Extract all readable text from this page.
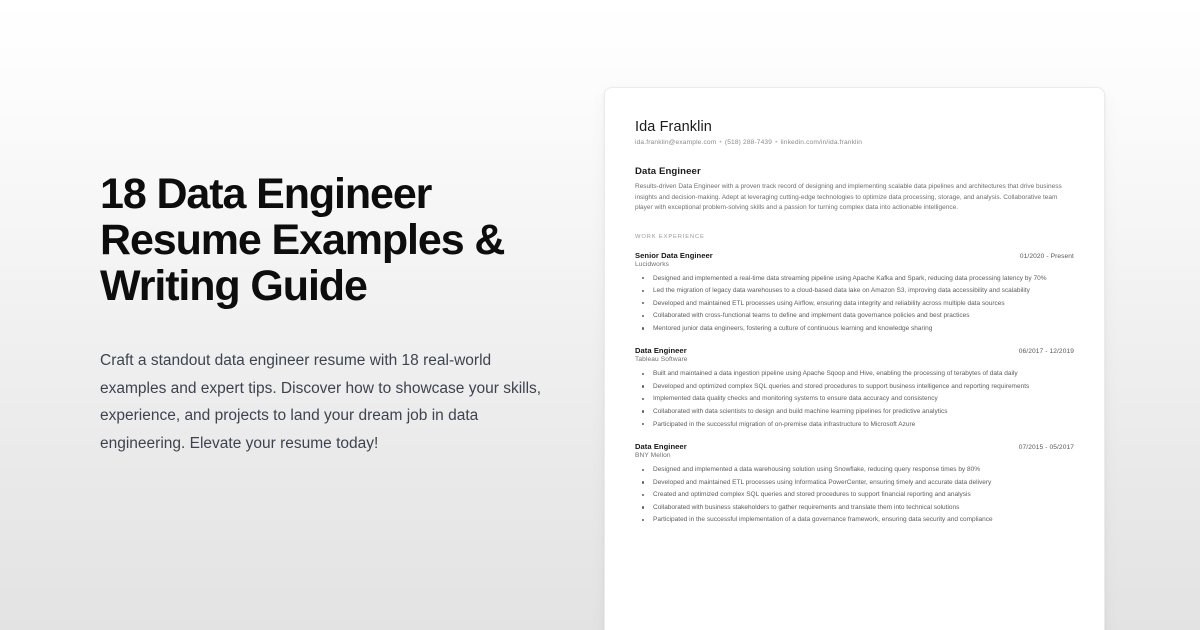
18 Data Engineer Resume Examples & Writing Guide

Craft a standout data engineer resume with 18 real-world examples and expert tips. Discover how to showcase your skills, experience, and projects to land your dream job in data engineering. Elevate your resume today!

Ida Franklin
ida.franklin@example.com • (518) 288-7439 • linkedin.com/in/ida.franklin
Data Engineer
Results-driven Data Engineer with a proven track record of designing and implementing scalable data pipelines and architectures that drive business insights and decision-making. Adept at leveraging cutting-edge technologies to optimize data processing, storage, and analysis. Collaborative team player with exceptional problem-solving skills and a passion for turning complex data into actionable intelligence.
WORK EXPERIENCE
Senior Data Engineer	01/2020 - Present
Lucidworks
Designed and implemented a real-time data streaming pipeline using Apache Kafka and Spark, reducing data processing latency by 70%
Led the migration of legacy data warehouses to a cloud-based data lake on Amazon S3, improving data accessibility and scalability
Developed and maintained ETL processes using Airflow, ensuring data integrity and reliability across multiple data sources
Collaborated with cross-functional teams to define and implement data governance policies and best practices
Mentored junior data engineers, fostering a culture of continuous learning and knowledge sharing
Data Engineer	06/2017 - 12/2019
Tableau Software
Built and maintained a data ingestion pipeline using Apache Sqoop and Hive, enabling the processing of terabytes of data daily
Developed and optimized complex SQL queries and stored procedures to support business intelligence and reporting requirements
Implemented data quality checks and monitoring systems to ensure data accuracy and consistency
Collaborated with data scientists to design and build machine learning pipelines for predictive analytics
Participated in the successful migration of on-premise data infrastructure to Microsoft Azure
Data Engineer	07/2015 - 05/2017
BNY Mellon
Designed and implemented a data warehousing solution using Snowflake, reducing query response times by 80%
Developed and maintained ETL processes using Informatica PowerCenter, ensuring timely and accurate data delivery
Created and optimized complex SQL queries and stored procedures to support financial reporting and analysis
Collaborated with business stakeholders to gather requirements and translate them into technical solutions
Participated in the successful implementation of a data governance framework, ensuring data security and compliance
